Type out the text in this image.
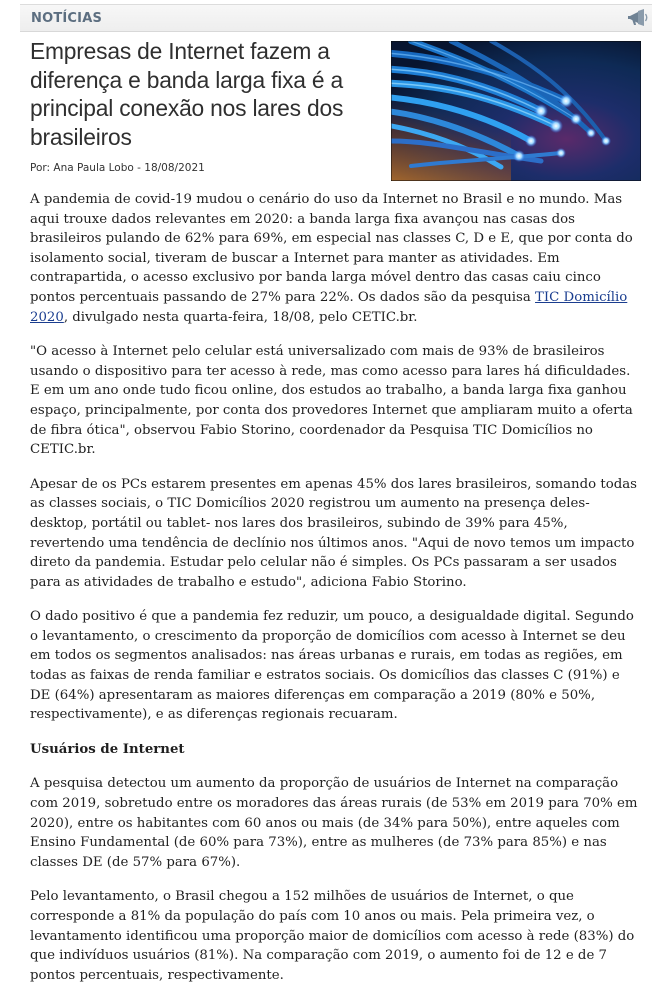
NOTÍCIAS
Empresas de Internet fazem a diferença e banda larga fixa é a principal conexão nos lares dos brasileiros
Por: Ana Paula Lobo - 18/08/2021

A pandemia de covid-19 mudou o cenário do uso da Internet no Brasil e no mundo. Mas aqui trouxe dados relevantes em 2020: a banda larga fixa avançou nas casas dos brasileiros pulando de 62% para 69%, em especial nas classes C, D e E, que por conta do isolamento social, tiveram de buscar a Internet para manter as atividades. Em contrapartida, o acesso exclusivo por banda larga móvel dentro das casas caiu cinco pontos percentuais passando de 27% para 22%. Os dados são da pesquisa TIC Domicílio 2020, divulgado nesta quarta-feira, 18/08, pelo CETIC.br.

"O acesso à Internet pelo celular está universalizado com mais de 93% de brasileiros usando o dispositivo para ter acesso à rede, mas como acesso para lares há dificuldades. E em um ano onde tudo ficou online, dos estudos ao trabalho, a banda larga fixa ganhou espaço, principalmente, por conta dos provedores Internet que ampliaram muito a oferta de fibra ótica", observou Fabio Storino, coordenador da Pesquisa TIC Domicílios no CETIC.br.

Apesar de os PCs estarem presentes em apenas 45% dos lares brasileiros, somando todas as classes sociais, o TIC Domicílios 2020 registrou um aumento na presença deles- desktop, portátil ou tablet- nos lares dos brasileiros, subindo de 39% para 45%, revertendo uma tendência de declínio nos últimos anos. "Aqui de novo temos um impacto direto da pandemia. Estudar pelo celular não é simples. Os PCs passaram a ser usados para as atividades de trabalho e estudo", adiciona Fabio Storino.

O dado positivo é que a pandemia fez reduzir, um pouco, a desigualdade digital. Segundo o levantamento, o crescimento da proporção de domicílios com acesso à Internet se deu em todos os segmentos analisados: nas áreas urbanas e rurais, em todas as regiões, em todas as faixas de renda familiar e estratos sociais. Os domicílios das classes C (91%) e DE (64%) apresentaram as maiores diferenças em comparação a 2019 (80% e 50%, respectivamente), e as diferenças regionais recuaram.

Usuários de Internet

A pesquisa detectou um aumento da proporção de usuários de Internet na comparação com 2019, sobretudo entre os moradores das áreas rurais (de 53% em 2019 para 70% em 2020), entre os habitantes com 60 anos ou mais (de 34% para 50%), entre aqueles com Ensino Fundamental (de 60% para 73%), entre as mulheres (de 73% para 85%) e nas classes DE (de 57% para 67%).

Pelo levantamento, o Brasil chegou a 152 milhões de usuários de Internet, o que corresponde a 81% da população do país com 10 anos ou mais. Pela primeira vez, o levantamento identificou uma proporção maior de domicílios com acesso à rede (83%) do que indivíduos usuários (81%). Na comparação com 2019, o aumento foi de 12 e de 7 pontos percentuais, respectivamente.
